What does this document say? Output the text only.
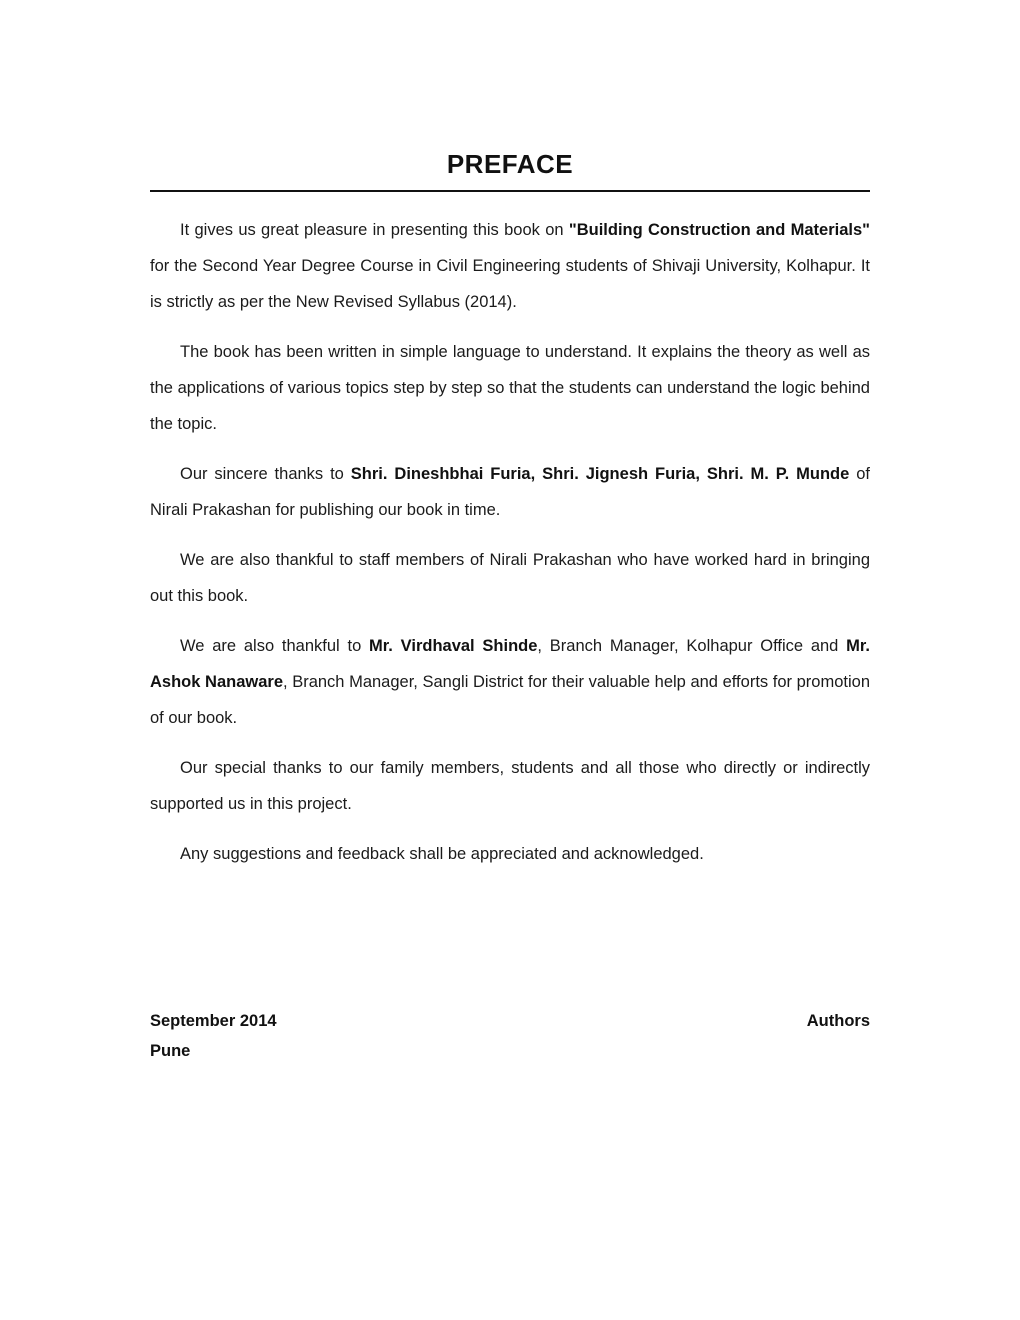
PREFACE

It gives us great pleasure in presenting this book on "Building Construction and Materials" for the Second Year Degree Course in Civil Engineering students of Shivaji University, Kolhapur. It is strictly as per the New Revised Syllabus (2014).

The book has been written in simple language to understand. It explains the theory as well as the applications of various topics step by step so that the students can understand the logic behind the topic.

Our sincere thanks to Shri. Dineshbhai Furia, Shri. Jignesh Furia, Shri. M. P. Munde of Nirali Prakashan for publishing our book in time.

We are also thankful to staff members of Nirali Prakashan who have worked hard in bringing out this book.

We are also thankful to Mr. Virdhaval Shinde, Branch Manager, Kolhapur Office and Mr. Ashok Nanaware, Branch Manager, Sangli District for their valuable help and efforts for promotion of our book.

Our special thanks to our family members, students and all those who directly or indirectly supported us in this project.

Any suggestions and feedback shall be appreciated and acknowledged.

September 2014	Authors
Pune
